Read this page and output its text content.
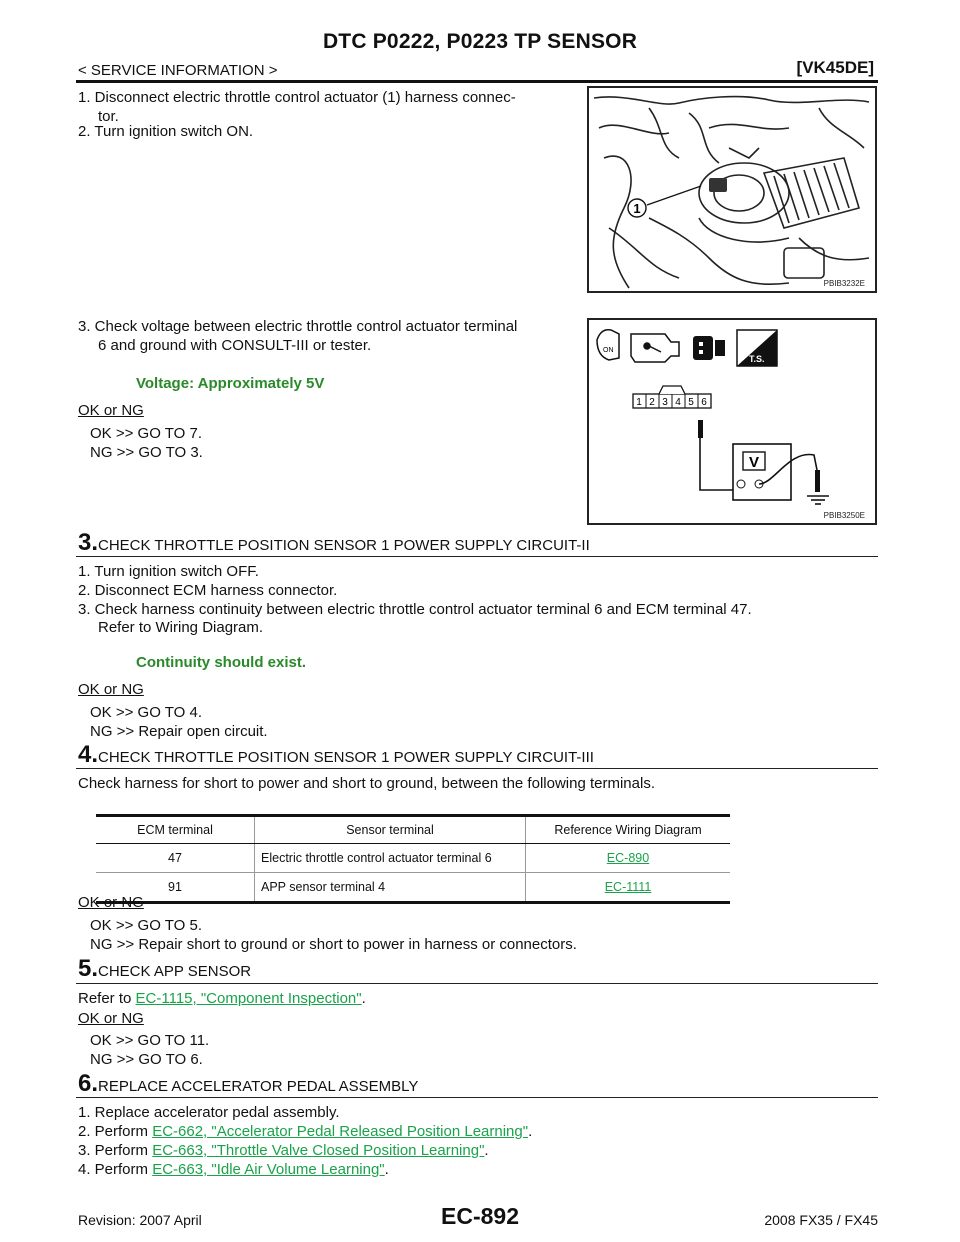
DTC P0222, P0223 TP SENSOR
< SERVICE INFORMATION >	[VK45DE]
1. Disconnect electric throttle control actuator (1) harness connec-
tor.
2. Turn ignition switch ON.
3. Check voltage between electric throttle control actuator terminal
6 and ground with CONSULT-III or tester.
Voltage: Approximately 5V
OK or NG
OK >> GO TO 7.
NG >> GO TO 3.
1
PBIB3232E
ON
T.S.
1 2 3 4 5 6
V
PBIB3250E
3.CHECK THROTTLE POSITION SENSOR 1 POWER SUPPLY CIRCUIT-II
1. Turn ignition switch OFF.
2. Disconnect ECM harness connector.
3. Check harness continuity between electric throttle control actuator terminal 6 and ECM terminal 47.
Refer to Wiring Diagram.
Continuity should exist.
OK or NG
OK >> GO TO 4.
NG >> Repair open circuit.
4.CHECK THROTTLE POSITION SENSOR 1 POWER SUPPLY CIRCUIT-III
Check harness for short to power and short to ground, between the following terminals.
ECM terminal	Sensor terminal	Reference Wiring Diagram
47	Electric throttle control actuator terminal 6	EC-890
91	APP sensor terminal 4	EC-1111
OK or NG
OK >> GO TO 5.
NG >> Repair short to ground or short to power in harness or connectors.
5.CHECK APP SENSOR
Refer to EC-1115, "Component Inspection".
OK or NG
OK >> GO TO 11.
NG >> GO TO 6.
6.REPLACE ACCELERATOR PEDAL ASSEMBLY
1. Replace accelerator pedal assembly.
2. Perform EC-662, "Accelerator Pedal Released Position Learning".
3. Perform EC-663, "Throttle Valve Closed Position Learning".
4. Perform EC-663, "Idle Air Volume Learning".
Revision: 2007 April	EC-892	2008 FX35 / FX45
